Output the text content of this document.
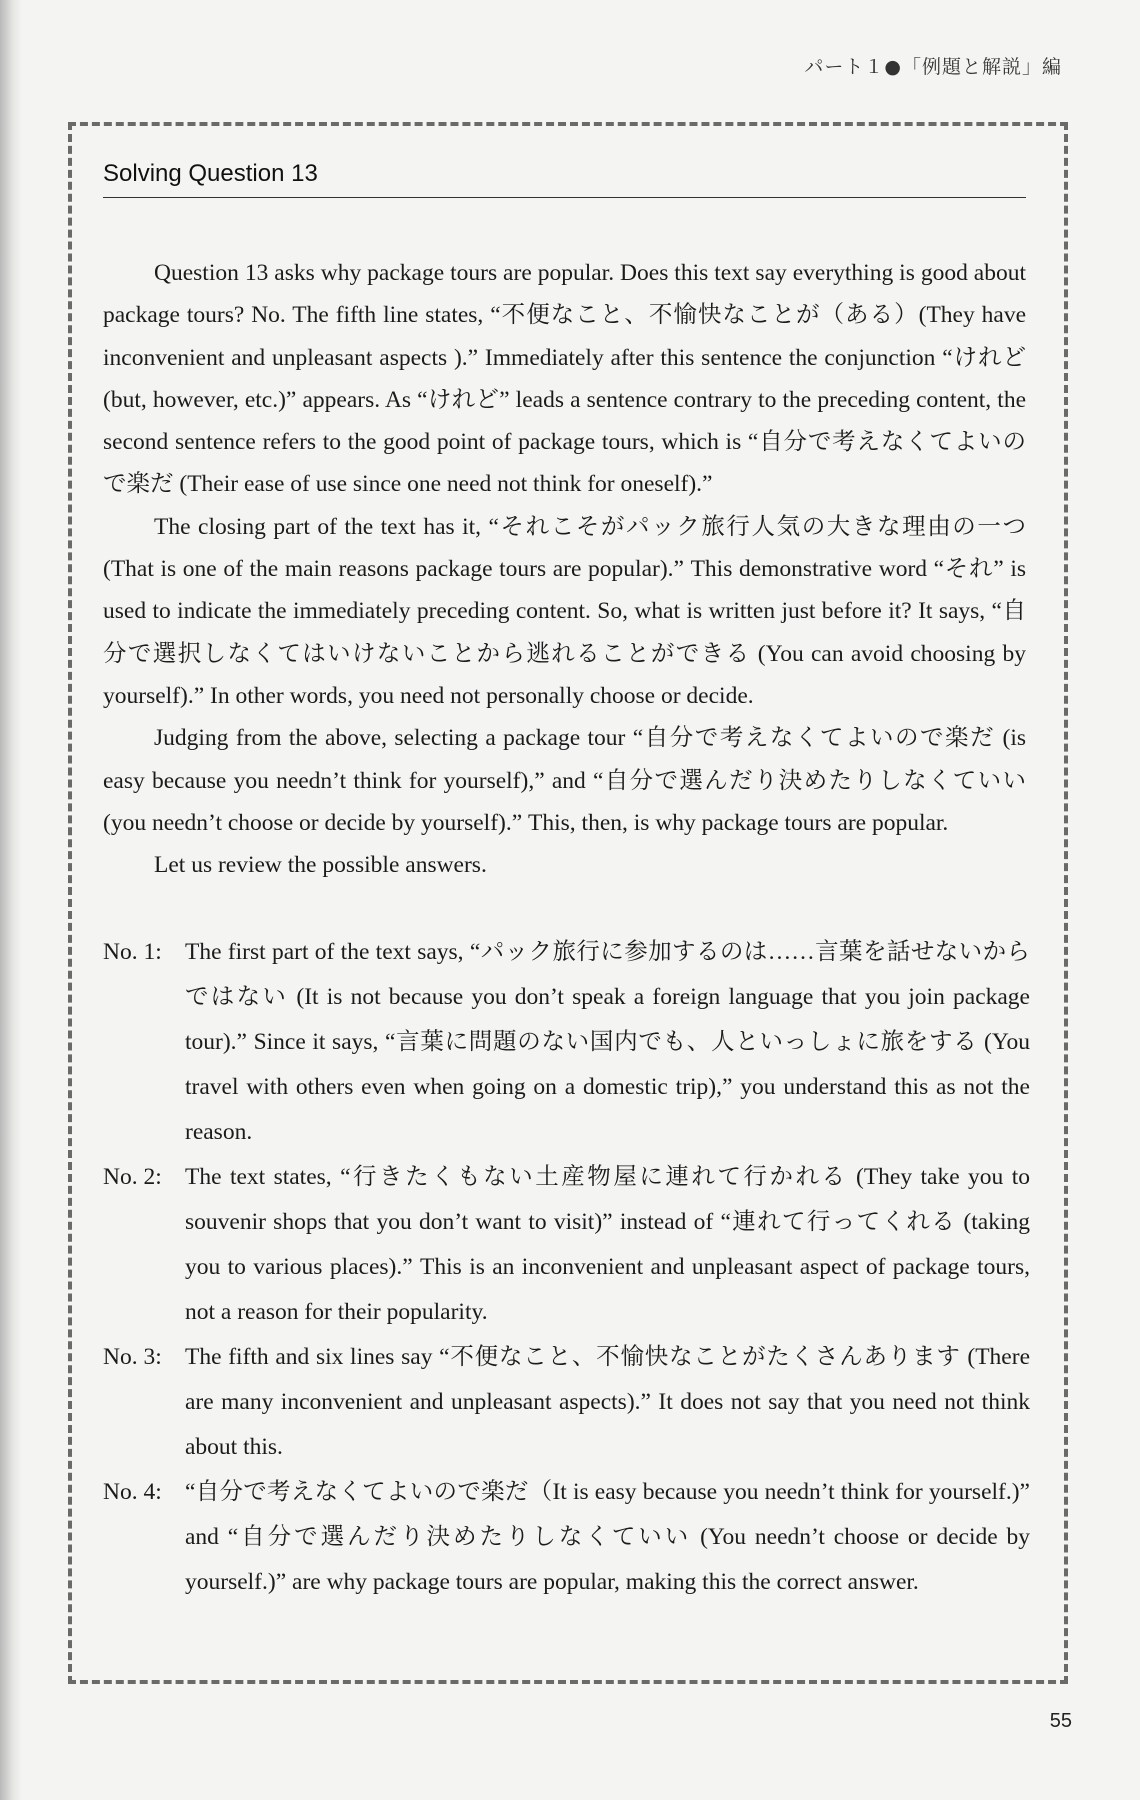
パート１●「例題と解説」編
Solving Question 13

Question 13 asks why package tours are popular. Does this text say everything is good about package tours? No. The fifth line states, “不便なこと、不愉快なことが（ある）(They have inconvenient and unpleasant aspects ).” Immediately after this sentence the conjunction “けれど (but, however, etc.)” appears. As “けれど” leads a sentence contrary to the preceding content, the second sentence refers to the good point of package tours, which is “自分で考えなくてよいので楽だ (Their ease of use since one need not think for oneself).”

The closing part of the text has it, “それこそがパック旅行人気の大きな理由の一つ (That is one of the main reasons package tours are popular).” This demonstrative word “それ” is used to indicate the immediately preceding content. So, what is written just before it? It says, “自分で選択しなくてはいけないことから逃れることができる (You can avoid choosing by yourself).” In other words, you need not personally choose or decide.

Judging from the above, selecting a package tour “自分で考えなくてよいので楽だ (is easy because you needn’t think for yourself),” and “自分で選んだり決めたりしなくていい (you needn’t choose or decide by yourself).” This, then, is why package tours are popular.

Let us review the possible answers.

No. 1: The first part of the text says, “パック旅行に参加するのは……言葉を話せないからではない (It is not because you don’t speak a foreign language that you join package tour).” Since it says, “言葉に問題のない国内でも、人といっしょに旅をする (You travel with others even when going on a domestic trip),” you understand this as not the reason.
No. 2: The text states, “行きたくもない土産物屋に連れて行かれる (They take you to souvenir shops that you don’t want to visit)” instead of “連れて行ってくれる (taking you to various places).” This is an inconvenient and unpleasant aspect of package tours, not a reason for their popularity.
No. 3: The fifth and six lines say “不便なこと、不愉快なことがたくさんあります (There are many inconvenient and unpleasant aspects).” It does not say that you need not think about this.
No. 4: “自分で考えなくてよいので楽だ（It is easy because you needn’t think for yourself.)” and “自分で選んだり決めたりしなくていい (You needn’t choose or decide by yourself.)” are why package tours are popular, making this the correct answer.
55
